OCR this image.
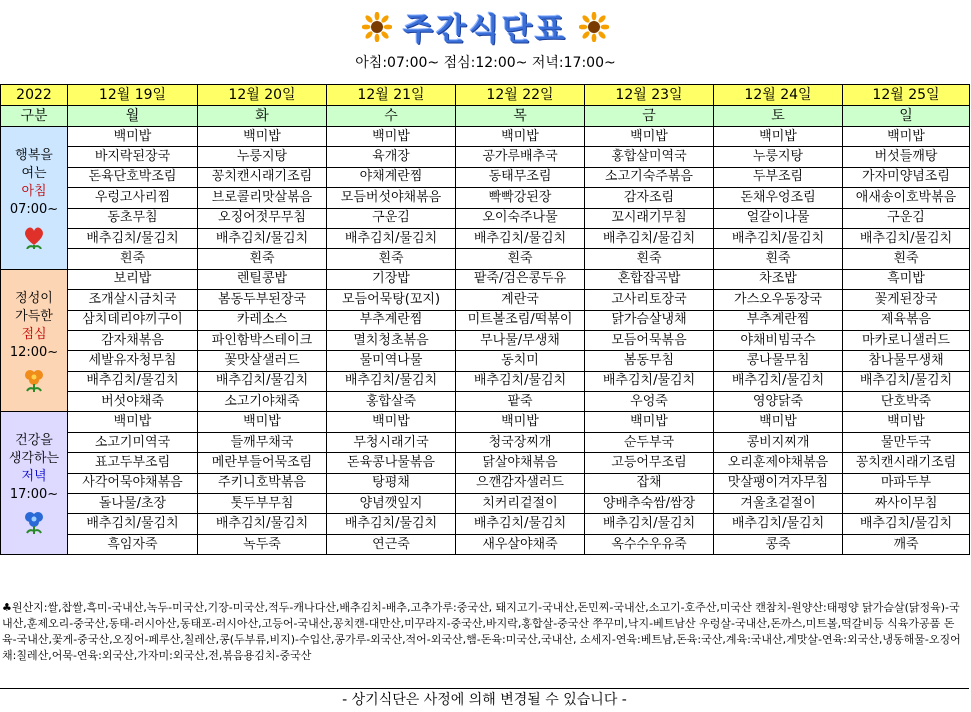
주간식단표
아침:07:00~ 점심:12:00~ 저녁:17:00~
2022	12월 19일	12월 20일	12월 21일	12월 22일	12월 23일	12월 24일	12월 25일
구분	월	화	수	목	금	토	일

행복을
여는
아침
07:00~	백미밥	백미밥	백미밥	백미밥	백미밥	백미밥	백미밥
	바지락된장국	누룽지탕	육개장	공가루배추국	홍합살미역국	누룽지탕	버섯들깨탕
	돈육단호박조림	꽁치캔시래기조림	야채계란찜	동태무조림	소고기숙주볶음	두부조림	가자미양념조림
	우렁고사리찜	브로콜리맛살볶음	모듬버섯야채볶음	빡빡강된장	감자조림	돈채우엉조림	애새송이호박볶음
	동초무침	오징어젓무무침	구운김	오이숙주나물	꼬시래기무침	얼갈이나물	구운김
	배추김치/물김치	배추김치/물김치	배추김치/물김치	배추김치/물김치	배추김치/물김치	배추김치/물김치	배추김치/물김치
	흰죽	흰죽	흰죽	흰죽	흰죽	흰죽	흰죽

정성이
가득한
점심
12:00~	보리밥	렌틸콩밥	기장밥	팥죽/검은콩두유	혼합잡곡밥	차조밥	흑미밥
	조개살시금치국	봄동두부된장국	모듬어묵탕(꼬지)	계란국	고사리토장국	가스오우동장국	꽃게된장국
	삼치데리야끼구이	카레소스	부추계란찜	미트볼조림/떡볶이	닭가슴살냉채	부추계란찜	제육볶음
	감자채볶음	파인함박스테이크	멸치청초볶음	무나물/무생채	모듬어묵볶음	야채비빔국수	마카로니샐러드
	세발유자청무침	꽃맛살샐러드	물미역나물	동치미	봄동무침	콩나물무침	참나물무생채
	배추김치/물김치	배추김치/물김치	배추김치/물김치	배추김치/물김치	배추김치/물김치	배추김치/물김치	배추김치/물김치
	버섯야채죽	소고기야채죽	홍합살죽	팥죽	우엉죽	영양닭죽	단호박죽

건강을
생각하는
저녁
17:00~	백미밥	백미밥	백미밥	백미밥	백미밥	백미밥	백미밥
	소고기미역국	들깨무채국	무청시래기국	청국장찌개	순두부국	콩비지찌개	물만두국
	표고두부조림	메란부들어묵조림	돈육콩나물볶음	닭살야채볶음	고등어무조림	오리훈제야채볶음	꽁치캔시래기조림
	사각어묵야채볶음	주키니호박볶음	탕평채	으깬감자샐러드	잡채	맛살팽이겨자무침	마파두부
	돌나물/초장	톳두부무침	양념깻잎지	치커리겉절이	양배추숙쌈/쌈장	겨울초겉절이	짜사이무침
	배추김치/물김치	배추김치/물김치	배추김치/물김치	배추김치/물김치	배추김치/물김치	배추김치/물김치	배추김치/물김치
	흑임자죽	녹두죽	연근죽	새우살야채죽	옥수수우유죽	콩죽	깨죽
♣원산지:쌀,찹쌀,흑미-국내산,녹두-미국산,기장-미국산,적두-캐나다산,배추김치-배추,고추가루:중국산, 돼지고기-국내산,돈민찌-국내산,소고기-호주산,미국산 캔참치-원양산:태평양 닭가슴살(닭정육)-국내산,훈제오리-중국산,동태-러시아산,동태포-러시아산,고등어-국내산,꽁치캔-대만산,미꾸라지-중국산,바지락,홍합살-중국산 쭈꾸미,낙지-베트남산 우렁살-국내산,돈까스,미트볼,떡갈비등 식육가공품 돈육-국내산,꽃게-중국산,오징어-페루산,칠레산,콩(두부류,비지)-수입산,콩가루-외국산,적어-외국산,햄-돈육:미국산,국내산, 소세지-연육:베트남,돈육:국산,계육:국내산,게맛살-연육:외국산,냉동해물-오징어채:칠레산,어묵-연육:외국산,가자미:외국산,전,볶음용김치-중국산
- 상기식단은 사정에 의해 변경될 수 있습니다 -
